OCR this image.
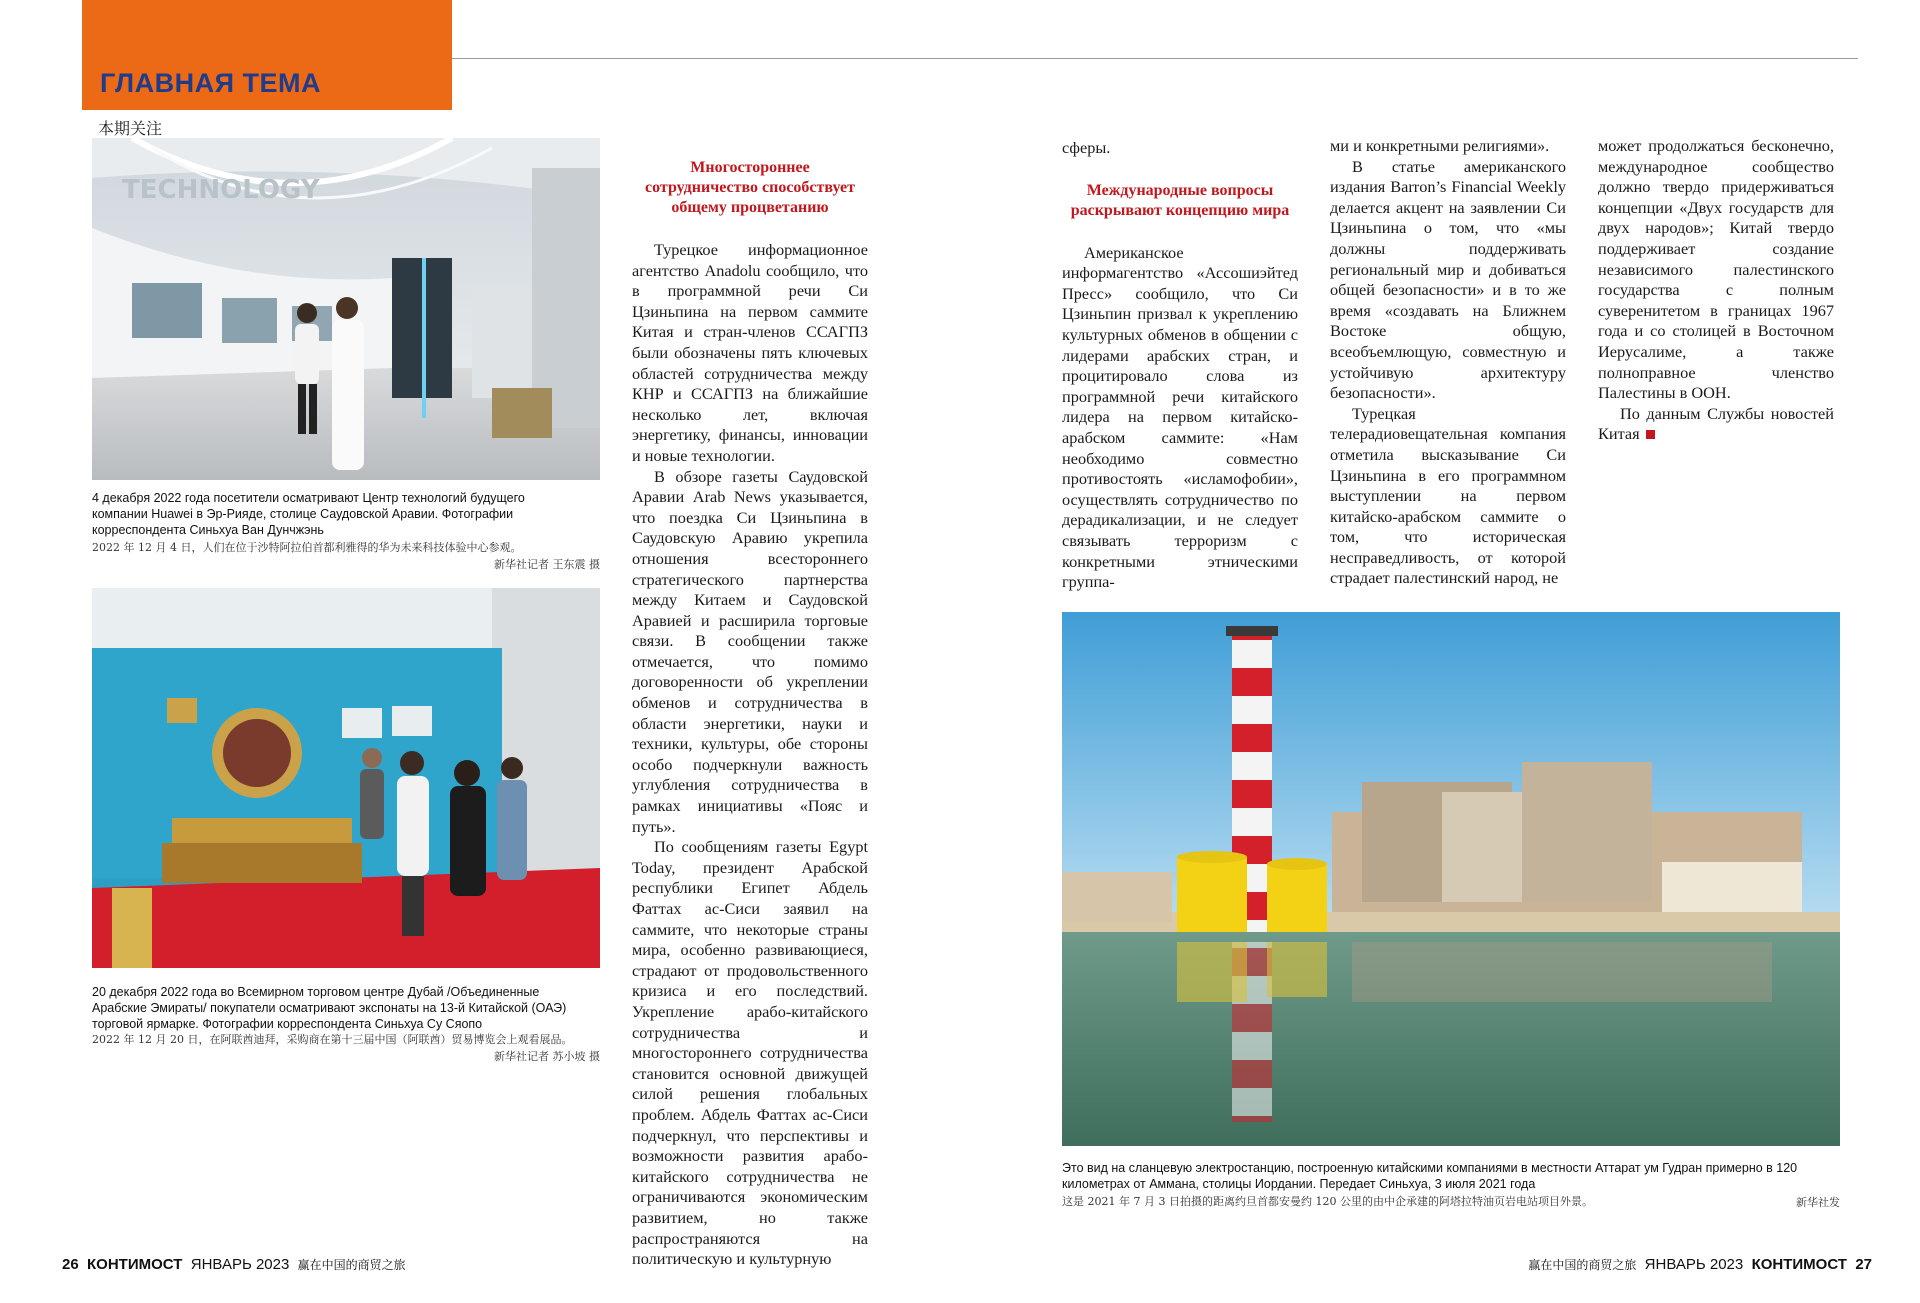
ГЛАВНАЯ ТЕМА
本期关注
TECHNOLOGY
4 декабря 2022 года посетители осматривают Центр технологий будущего компании Huawei в Эр-Рияде, столице Саудовской Аравии. Фотографии корреспондента Синьхуа Ван Дунчжэнь
2022 年 12 月 4 日，人们在位于沙特阿拉伯首都利雅得的华为未来科技体验中心参观。
新华社记者 王东震 摄
20 декабря 2022 года во Всемирном торговом центре Дубай /Объединенные Арабские Эмираты/ покупатели осматривают экспонаты на 13-й Китайской (ОАЭ) торговой ярмарке. Фотографии корреспондента Синьхуа Су Сяопо
2022 年 12 月 20 日，在阿联酋迪拜，采购商在第十三届中国（阿联酋）贸易博览会上观看展品。
新华社记者 苏小坡 摄
Многостороннее сотрудничество способствует общему процветанию

Турецкое информационное агентство Anadolu сообщило, что в программной речи Си Цзиньпина на первом саммите Китая и стран-членов ССАГПЗ были обозначены пять ключевых областей сотрудничества между КНР и ССАГПЗ на ближайшие несколько лет, включая энергетику, финансы, инновации и новые технологии.

В обзоре газеты Саудовской Аравии Arab News указывается, что поездка Си Цзиньпина в Саудовскую Аравию укрепила отношения всестороннего стратегического партнерства между Китаем и Саудовской Аравией и расширила торговые связи. В сообщении также отмечается, что помимо договоренности об укреплении обменов и сотрудничества в области энергетики, науки и техники, культуры, обе стороны особо подчеркнули важность углубления сотрудничества в рамках инициативы «Пояс и путь».

По сообщениям газеты Egypt Today, президент Арабской республики Египет Абдель Фаттах ас-Сиси заявил на саммите, что некоторые страны мира, особенно развивающиеся, страдают от продовольственного кризиса и его последствий. Укрепление арабо-китайского сотрудничества и многостороннего сотрудничества становится основной движущей силой решения глобальных проблем. Абдель Фаттах ас-Сиси подчеркнул, что перспективы и возможности развития арабо-китайского сотрудничества не ограничиваются экономическим развитием, но также распространяются на политическую и культурную

сферы.

Международные вопросы раскрывают концепцию мира

Американское информагентство «Ассошиэйтед Пресс» сообщило, что Си Цзиньпин призвал к укреплению культурных обменов в общении с лидерами арабских стран, и процитировало слова из программной речи китайского лидера на первом китайско-арабском саммите: «Нам необходимо совместно противостоять «исламофобии», осуществлять сотрудничество по дерадикализации, и не следует связывать терроризм с конкретными этническими группа-

ми и конкретными религиями».

В статье американского издания Barron’s Financial Weekly делается акцент на заявлении Си Цзиньпина о том, что «мы должны поддерживать региональный мир и добиваться общей безопасности» и в то же время «создавать на Ближнем Востоке общую, всеобъемлющую, совместную и устойчивую архитектуру безопасности».

Турецкая телерадиовещательная компания отметила высказывание Си Цзиньпина в его программном выступлении на первом китайско-арабском саммите о том, что историческая несправедливость, от которой страдает палестинский народ, не

может продолжаться бесконечно, международное сообщество должно твердо придерживаться концепции «Двух государств для двух народов»; Китай твердо поддерживает создание независимого палестинского государства с полным суверенитетом в границах 1967 года и со столицей в Восточном Иерусалиме, а также полноправное членство Палестины в ООН.

По данным Службы новостей Китая

Это вид на сланцевую электростанцию, построенную китайскими компаниями в местности Аттарат ум Гудран примерно в 120 километрах от Аммана, столицы Иордании. Передает Синьхуа, 3 июля 2021 года
这是 2021 年 7 月 3 日拍摄的距离约旦首都安曼约 120 公里的由中企承建的阿塔拉特油页岩电站项目外景。	新华社发
26 КОНТИМОСТ ЯНВАРЬ 2023 赢在中国的商贸之旅	赢在中国的商贸之旅 ЯНВАРЬ 2023 КОНТИМОСТ 27
